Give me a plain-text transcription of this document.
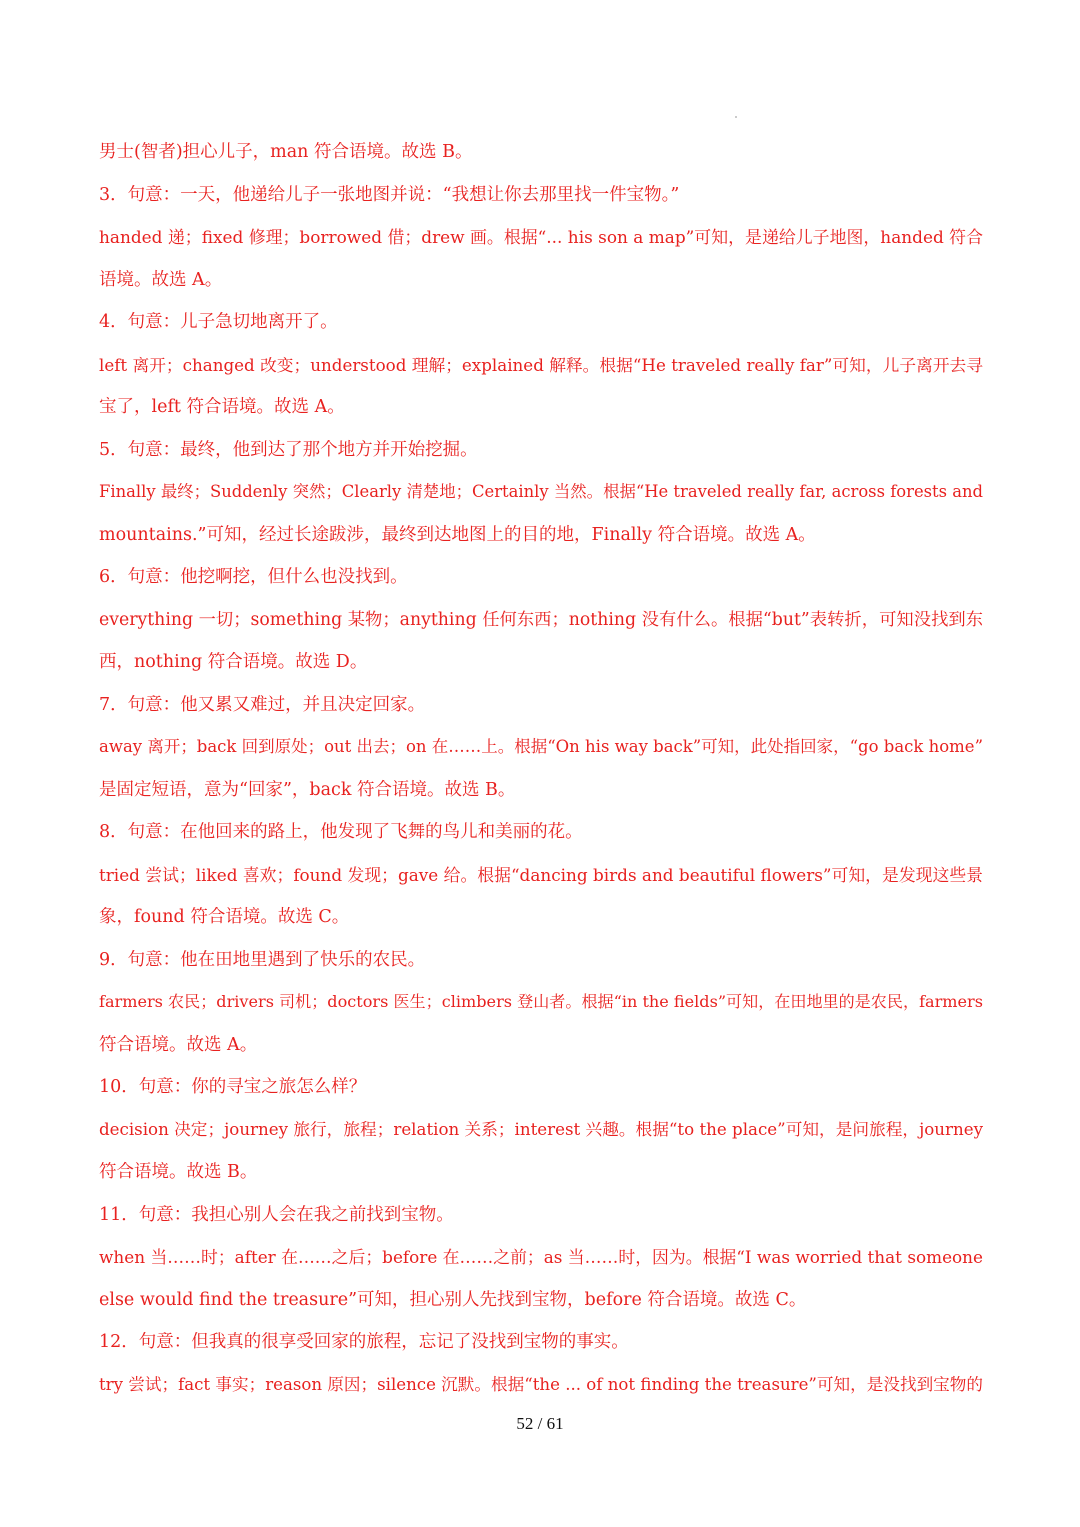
男士(智者)担心儿子，man 符合语境。故选 B。
3．句意：一天，他递给儿子一张地图并说：“我想让你去那里找一件宝物。”
handed 递；fixed 修理；borrowed 借；drew 画。根据“... his son a map”可知，是递给儿子地图，handed 符合
语境。故选 A。
4．句意：儿子急切地离开了。
left 离开；changed 改变；understood 理解；explained 解释。根据“He traveled really far”可知，儿子离开去寻
宝了，left 符合语境。故选 A。
5．句意：最终，他到达了那个地方并开始挖掘。
Finally 最终；Suddenly 突然；Clearly 清楚地；Certainly 当然。根据“He traveled really far, across forests and
mountains.”可知，经过长途跋涉，最终到达地图上的目的地，Finally 符合语境。故选 A。
6．句意：他挖啊挖，但什么也没找到。
everything 一切；something 某物；anything 任何东西；nothing 没有什么。根据“but”表转折，可知没找到东
西，nothing 符合语境。故选 D。
7．句意：他又累又难过，并且决定回家。
away 离开；back 回到原处；out 出去；on 在……上。根据“On his way back”可知，此处指回家，“go back home”
是固定短语，意为“回家”，back 符合语境。故选 B。
8．句意：在他回来的路上，他发现了飞舞的鸟儿和美丽的花。
tried 尝试；liked 喜欢；found 发现；gave 给。根据“dancing birds and beautiful flowers”可知，是发现这些景
象，found 符合语境。故选 C。
9．句意：他在田地里遇到了快乐的农民。
farmers 农民；drivers 司机；doctors 医生；climbers 登山者。根据“in the fields”可知，在田地里的是农民，farmers
符合语境。故选 A。
10．句意：你的寻宝之旅怎么样？
decision 决定；journey 旅行，旅程；relation 关系；interest 兴趣。根据“to the place”可知，是问旅程，journey
符合语境。故选 B。
11．句意：我担心别人会在我之前找到宝物。
when 当……时；after 在……之后；before 在……之前；as 当……时，因为。根据“I was worried that someone
else would find the treasure”可知，担心别人先找到宝物，before 符合语境。故选 C。
12．句意：但我真的很享受回家的旅程，忘记了没找到宝物的事实。
try 尝试；fact 事实；reason 原因；silence 沉默。根据“the ... of not finding the treasure”可知，是没找到宝物的
52 / 61
